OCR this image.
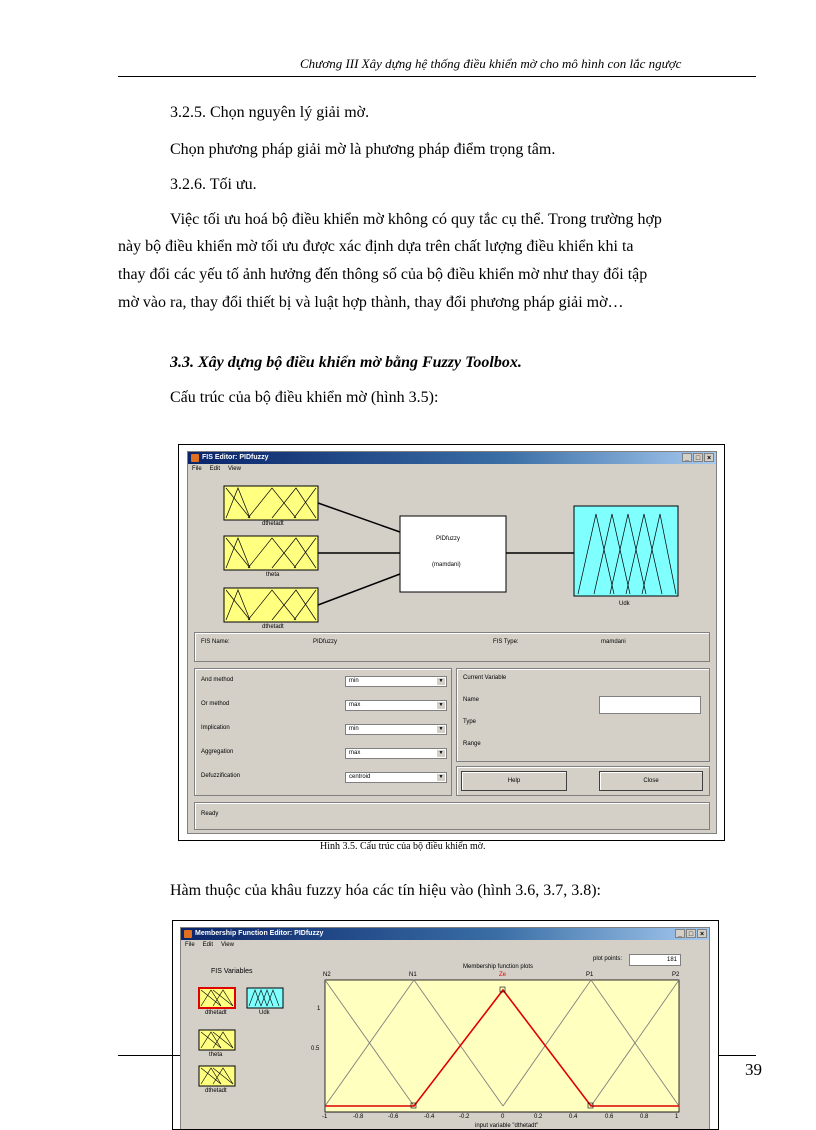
Chương III Xây dựng hệ thống điều khiển mờ cho mô hình con lắc ngược
3.2.5. Chọn nguyên lý giải mờ.
Chọn phương pháp giải mờ là phương pháp điểm trọng tâm.
3.2.6. Tối ưu.
Việc tối ưu hoá bộ điều khiển mờ không có quy tắc cụ thể. Trong trường hợp
này bộ điều khiển mờ tối ưu được xác định dựa trên chất lượng điều khiển khi ta
thay đổi các yếu tố ảnh hưởng đến thông số của bộ điều khiển mờ như thay đổi tập
mờ vào ra, thay đổi thiết bị và luật hợp thành, thay đổi phương pháp giải mờ…
3.3. Xây dựng bộ điều khiển mờ bằng Fuzzy Toolbox.
Cấu trúc của bộ điều khiển mờ (hình 3.5):
FIS Editor: PIDfuzzy	_ □ ×
File Edit View
dthetadt
theta
dthetadt
PIDfuzzy
(mamdani)
Udk
FIS Name:	PIDfuzzy	FIS Type:	mamdani
And method	min	▼
Or method	max	▼
Implication	min	▼
Aggregation	max	▼
Defuzzification	centroid	▼
Current Variable
Name
Type
Range
Help	Close
Ready
Hình 3.5. Cấu trúc của bộ điều khiển mờ.
Hàm thuộc của khâu fuzzy hóa các tín hiệu vào (hình 3.6, 3.7, 3.8):
Membership Function Editor: PIDfuzzy	_ □ ×
File Edit View
FIS Variables
Membership function plots
plot points:	181
N2	N1	Ze	P1	P2
1
0.5
-1	-0.8	-0.6	-0.4	-0.2	0	0.2	0.4	0.6	0.8	1
input variable "dthetadt"
dthetadt	Udk
theta
dthetadt
39
